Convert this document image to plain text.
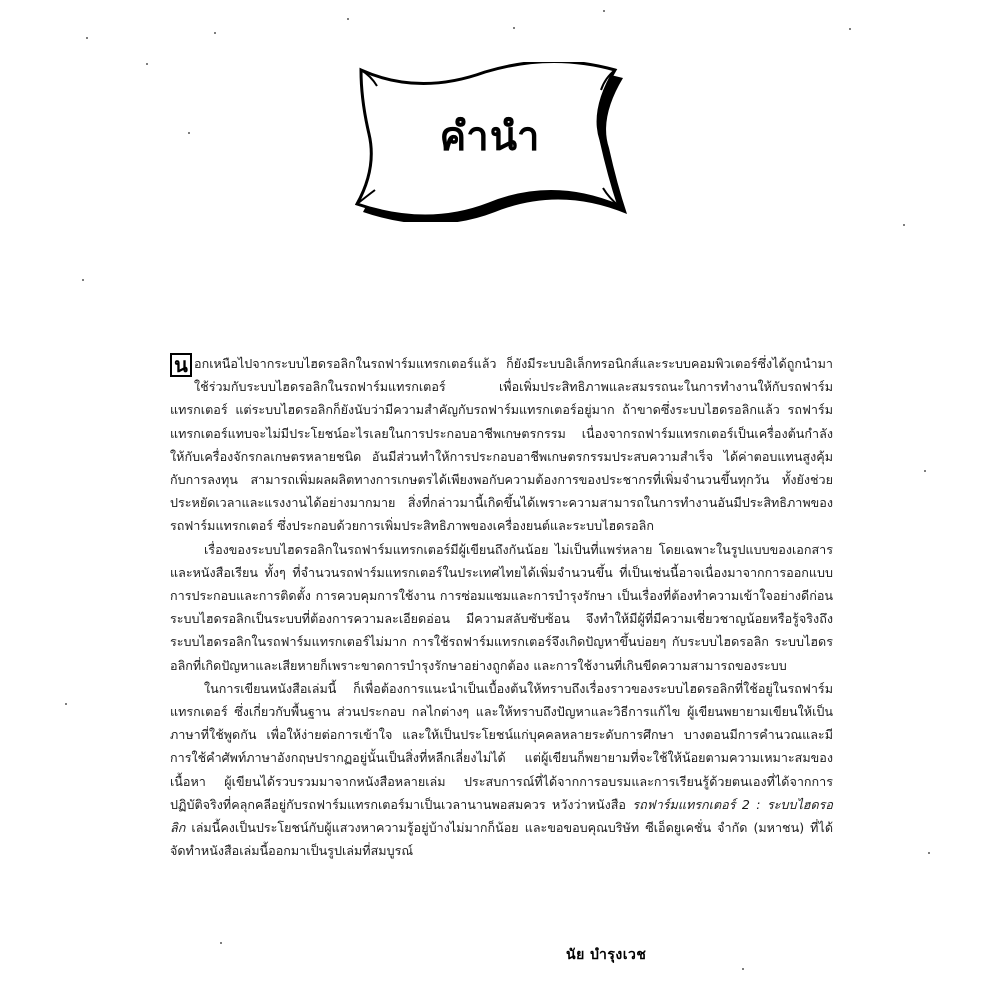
คำนำ

น อกเหนือไปจากระบบไฮดรอลิกในรถฟาร์มแทรกเตอร์แล้ว ก็ยังมีระบบอิเล็กทรอนิกส์และระบบคอมพิวเตอร์ซึ่งได้ถูกนำมาใช้ร่วมกับระบบไฮดรอลิกในรถฟาร์มแทรกเตอร์ เพื่อเพิ่มประสิทธิภาพและสมรรถนะในการทำงานให้กับรถฟาร์มแทรกเตอร์ แต่ระบบไฮดรอลิกก็ยังนับว่ามีความสำคัญกับรถฟาร์มแทรกเตอร์อยู่มาก ถ้าขาดซึ่งระบบไฮดรอลิกแล้ว รถฟาร์มแทรกเตอร์แทบจะไม่มีประโยชน์อะไรเลยในการประกอบอาชีพเกษตรกรรม เนื่องจากรถฟาร์มแทรกเตอร์เป็นเครื่องต้นกำลังให้กับเครื่องจักรกลเกษตรหลายชนิด อันมีส่วนทำให้การประกอบอาชีพเกษตรกรรมประสบความสำเร็จ ได้ค่าตอบแทนสูงคุ้มกับการลงทุน สามารถเพิ่มผลผลิตทางการเกษตรได้เพียงพอกับความต้องการของประชากรที่เพิ่มจำนวนขึ้นทุกวัน ทั้งยังช่วยประหยัดเวลาและแรงงานได้อย่างมากมาย สิ่งที่กล่าวมานี้เกิดขึ้นได้เพราะความสามารถในการทำงานอันมีประสิทธิภาพของรถฟาร์มแทรกเตอร์ ซึ่งประกอบด้วยการเพิ่มประสิทธิภาพของเครื่องยนต์และระบบไฮดรอลิก

เรื่องของระบบไฮดรอลิกในรถฟาร์มแทรกเตอร์มีผู้เขียนถึงกันน้อย ไม่เป็นที่แพร่หลาย โดยเฉพาะในรูปแบบของเอกสารและหนังสือเรียน ทั้งๆ ที่จำนวนรถฟาร์มแทรกเตอร์ในประเทศไทยได้เพิ่มจำนวนขึ้น ที่เป็นเช่นนี้อาจเนื่องมาจากการออกแบบการประกอบและการติดตั้ง การควบคุมการใช้งาน การซ่อมแซมและการบำรุงรักษา เป็นเรื่องที่ต้องทำความเข้าใจอย่างดีก่อน ระบบไฮดรอลิกเป็นระบบที่ต้องการความละเอียดอ่อน มีความสลับซับซ้อน จึงทำให้มีผู้ที่มีความเชี่ยวชาญน้อยหรือรู้จริงถึงระบบไฮดรอลิกในรถฟาร์มแทรกเตอร์ไม่มาก การใช้รถฟาร์มแทรกเตอร์จึงเกิดปัญหาขึ้นบ่อยๆ กับระบบไฮดรอลิก ระบบไฮดรอลิกที่เกิดปัญหาและเสียหายก็เพราะขาดการบำรุงรักษาอย่างถูกต้อง และการใช้งานที่เกินขีดความสามารถของระบบ

ในการเขียนหนังสือเล่มนี้ ก็เพื่อต้องการแนะนำเป็นเบื้องต้นให้ทราบถึงเรื่องราวของระบบไฮดรอลิกที่ใช้อยู่ในรถฟาร์มแทรกเตอร์ ซึ่งเกี่ยวกับพื้นฐาน ส่วนประกอบ กลไกต่างๆ และให้ทราบถึงปัญหาและวิธีการแก้ไข ผู้เขียนพยายามเขียนให้เป็นภาษาที่ใช้พูดกัน เพื่อให้ง่ายต่อการเข้าใจ และให้เป็นประโยชน์แก่บุคคลหลายระดับการศึกษา บางตอนมีการคำนวณและมีการใช้คำศัพท์ภาษาอังกฤษปรากฏอยู่นั้นเป็นสิ่งที่หลีกเลี่ยงไม่ได้ แต่ผู้เขียนก็พยายามที่จะใช้ให้น้อยตามความเหมาะสมของเนื้อหา ผู้เขียนได้รวบรวมมาจากหนังสือหลายเล่ม ประสบการณ์ที่ได้จากการอบรมและการเรียนรู้ด้วยตนเองที่ได้จากการปฏิบัติจริงที่คลุกคลีอยู่กับรถฟาร์มแทรกเตอร์มาเป็นเวลานานพอสมควร หวังว่าหนังสือ รถฟาร์มแทรกเตอร์ 2 : ระบบไฮดรอลิก เล่มนี้คงเป็นประโยชน์กับผู้แสวงหาความรู้อยู่บ้างไม่มากก็น้อย และขอขอบคุณบริษัท ซีเอ็ดยูเคชั่น จำกัด (มหาชน) ที่ได้จัดทำหนังสือเล่มนี้ออกมาเป็นรูปเล่มที่สมบูรณ์

นัย บำรุงเวช
